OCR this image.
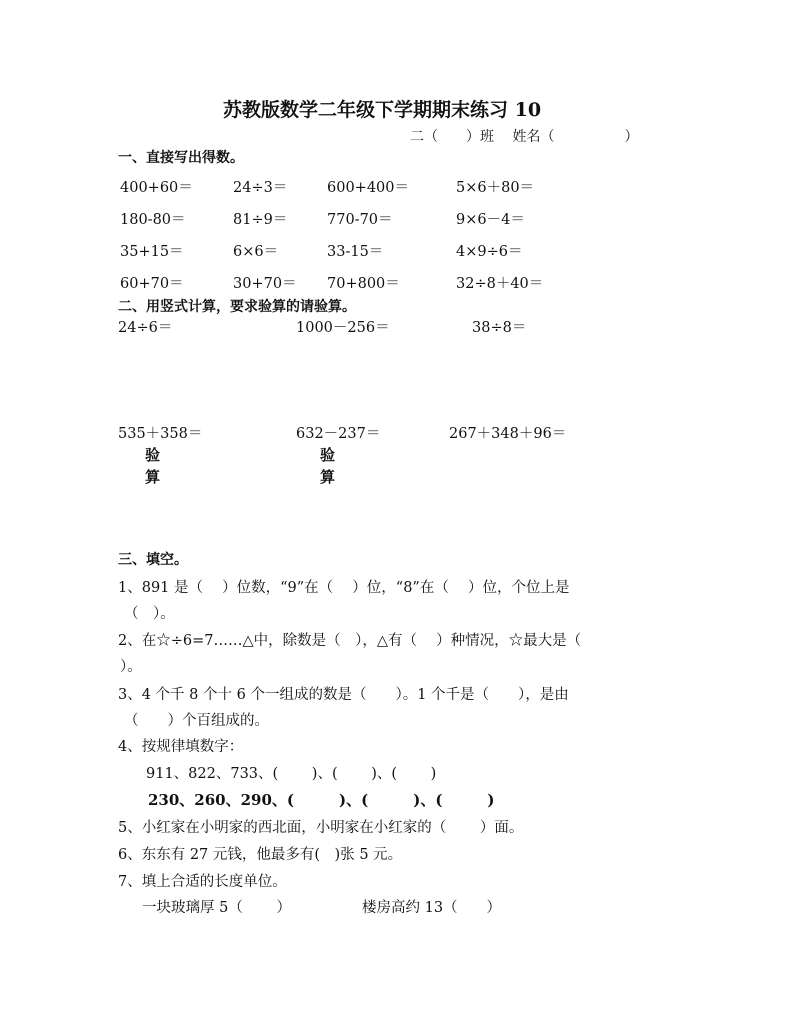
苏教版数学二年级下学期期末练习 10
二（　　）班　 姓名（　　　　　）
一、直接写出得数。
400+60＝	24÷3＝	600+400＝	5×6＋80＝
180-80＝	81÷9＝	770-70＝	9×6－4＝
35+15＝	6×6＝	33-15＝	4×9÷6＝
60+70＝	30+70＝ 70+800＝	32÷8＋40＝
二、用竖式计算，要求验算的请验算。
24÷6＝	1000－256＝	38÷8＝
535＋358＝	632－237＝	267＋348＋96＝
验
算
验
算
三、填空。
1、891 是（　 ）位数，“9”在（　 ）位，“8”在（　 ）位，个位上是
（　）。
2、在☆÷6=7……△中，除数是（　），△有（　 ）种情况，☆最大是（
）。
3、4 个千 8 个十 6 个一组成的数是（　　）。1 个千是（　　），是由
（　　）个百组成的。
4、按规律填数字：
911、822、733、(　　 )、(　　 )、(　　 )
230、260、290、(　　　)、(　　　)、(　　　)
5、小红家在小明家的西北面，小明家在小红家的（　　 ）面。
6、东东有 27 元钱，他最多有(　)张 5 元。
7、填上合适的长度单位。
一块玻璃厚 5（　　 ）	楼房高约 13（　　）
